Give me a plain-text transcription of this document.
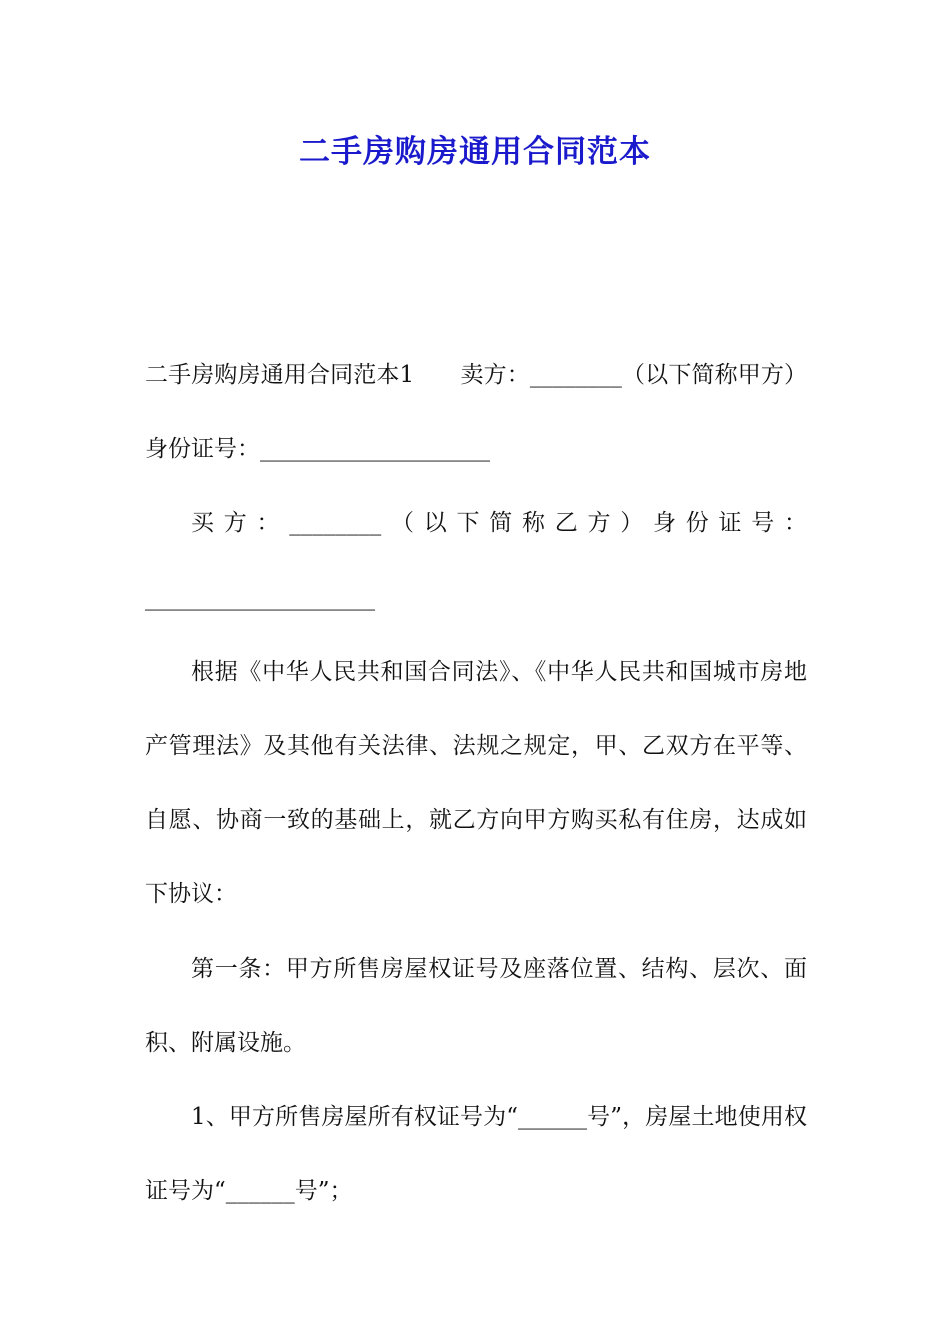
二手房购房通用合同范本

二手房购房通用合同范本1　　卖方：________（以下简称甲方）身份证号：____________________

买方：________（以下简称乙方）身份证号：____________________

根据《中华人民共和国合同法》、《中华人民共和国城市房地产管理法》及其他有关法律、法规之规定，甲、乙双方在平等、自愿、协商一致的基础上，就乙方向甲方购买私有住房，达成如下协议：

第一条：甲方所售房屋权证号及座落位置、结构、层次、面积、附属设施。

1、甲方所售房屋所有权证号为“______号”，房屋土地使用权证号为“______号”；
